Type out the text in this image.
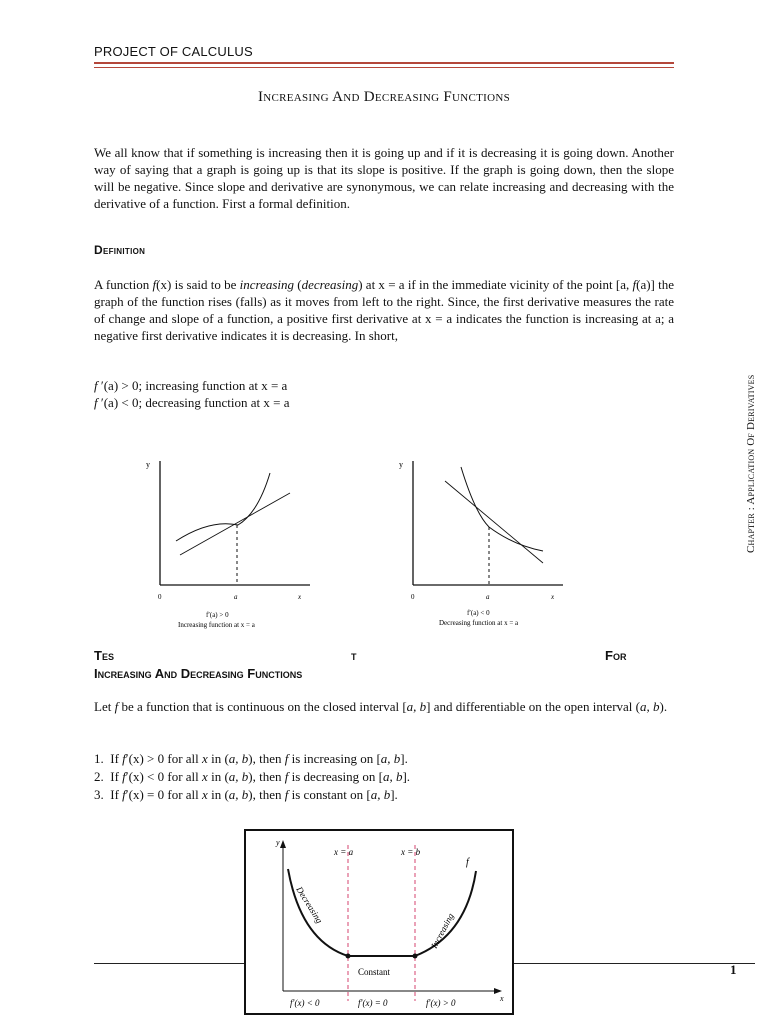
PROJECT OF CALCULUS
Increasing And Decreasing Functions
We all know that if something is increasing then it is going up and if it is decreasing it is going down. Another way of saying that a graph is going up is that its slope is positive. If the graph is going down, then the slope will be negative. Since slope and derivative are synonymous, we can relate increasing and decreasing with the derivative of a function. First a formal definition.
Definition
A function f(x) is said to be increasing (decreasing) at x = a if in the immediate vicinity of the point [a, f(a)] the graph of the function rises (falls) as it moves from left to the right. Since, the first derivative measures the rate of change and slope of a function, a positive first derivative at x = a indicates the function is increasing at a; a negative first derivative indicates it is decreasing. In short,
f ′(a) > 0; increasing function at x = a
f ′(a) < 0; decreasing function at x = a
y
0	a	x
f′(a) > 0
Increasing function at x = a
y
0	a	x
f′(a) < 0
Decreasing function at x = a
Tes	t	For
Increasing And Decreasing Functions
Let f be a function that is continuous on the closed interval [a, b] and differentiable on the open interval (a, b).
1. If f′(x) > 0 for all x in (a, b), then f is increasing on [a, b].
2. If f′(x) < 0 for all x in (a, b), then f is decreasing on [a, b].
3. If f′(x) = 0 for all x in (a, b), then f is constant on [a, b].
1
y
x
x = a	x = b
f
Decreasing
Increasing
Constant
f′(x) < 0	f′(x) = 0	f′(x) > 0
Chapter : Application Of Derivatives
